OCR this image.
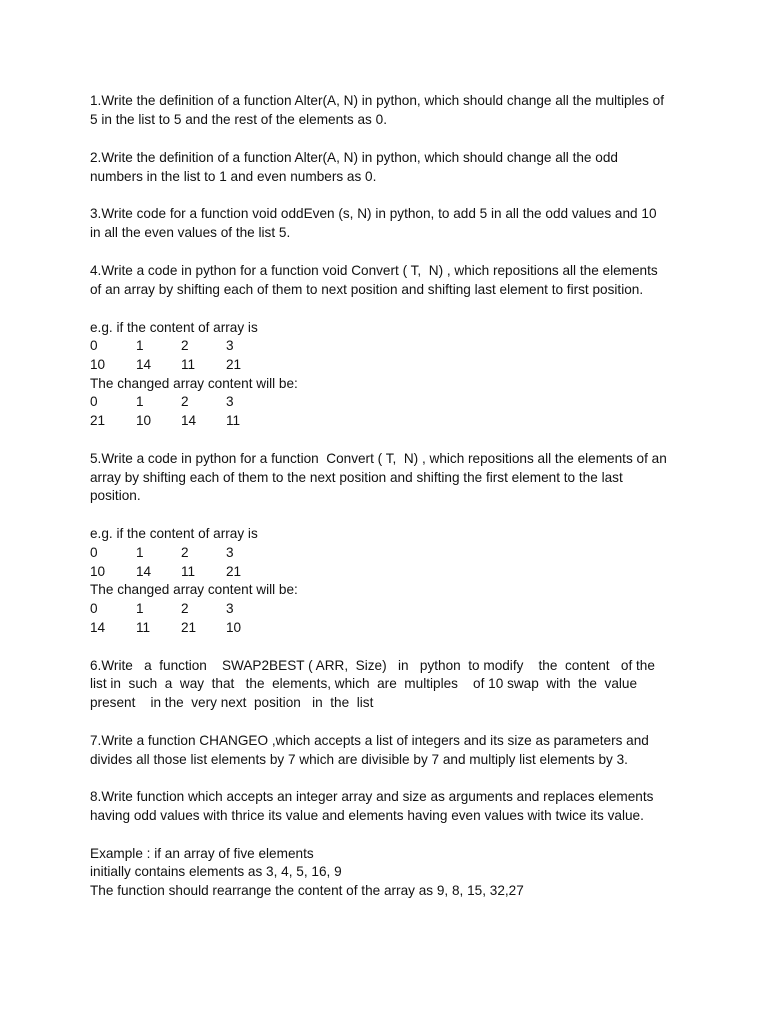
1.Write the definition of a function Alter(A, N) in python, which should change all the multiples of
5 in the list to 5 and the rest of the elements as 0.
2.Write the definition of a function Alter(A, N) in python, which should change all the odd
numbers in the list to 1 and even numbers as 0.
3.Write code for a function void oddEven (s, N) in python, to add 5 in all the odd values and 10
in all the even values of the list 5.
4.Write a code in python for a function void Convert ( T,  N) , which repositions all the elements
of an array by shifting each of them to next position and shifting last element to first position.
e.g. if the content of array is
0	1	2	3
10 14 11 21
The changed array content will be:
0	1	2	3
21 10 14 11
5.Write a code in python for a function  Convert ( T,  N) , which repositions all the elements of an
array by shifting each of them to the next position and shifting the first element to the last
position.
e.g. if the content of array is
0	1	2	3
10 14 11 21
The changed array content will be:
0	1	2	3
14 11 21 10
6.Write   a  function    SWAP2BEST ( ARR,  Size)   in   python  to modify    the  content   of the
list in  such  a  way  that   the  elements, which  are  multiples    of 10 swap  with  the  value
present    in the  very next  position   in  the  list
7.Write a function CHANGEO ,which accepts a list of integers and its size as parameters and
divides all those list elements by 7 which are divisible by 7 and multiply list elements by 3.
8.Write function which accepts an integer array and size as arguments and replaces elements
having odd values with thrice its value and elements having even values with twice its value.
Example : if an array of five elements
initially contains elements as 3, 4, 5, 16, 9
The function should rearrange the content of the array as 9, 8, 15, 32,27
